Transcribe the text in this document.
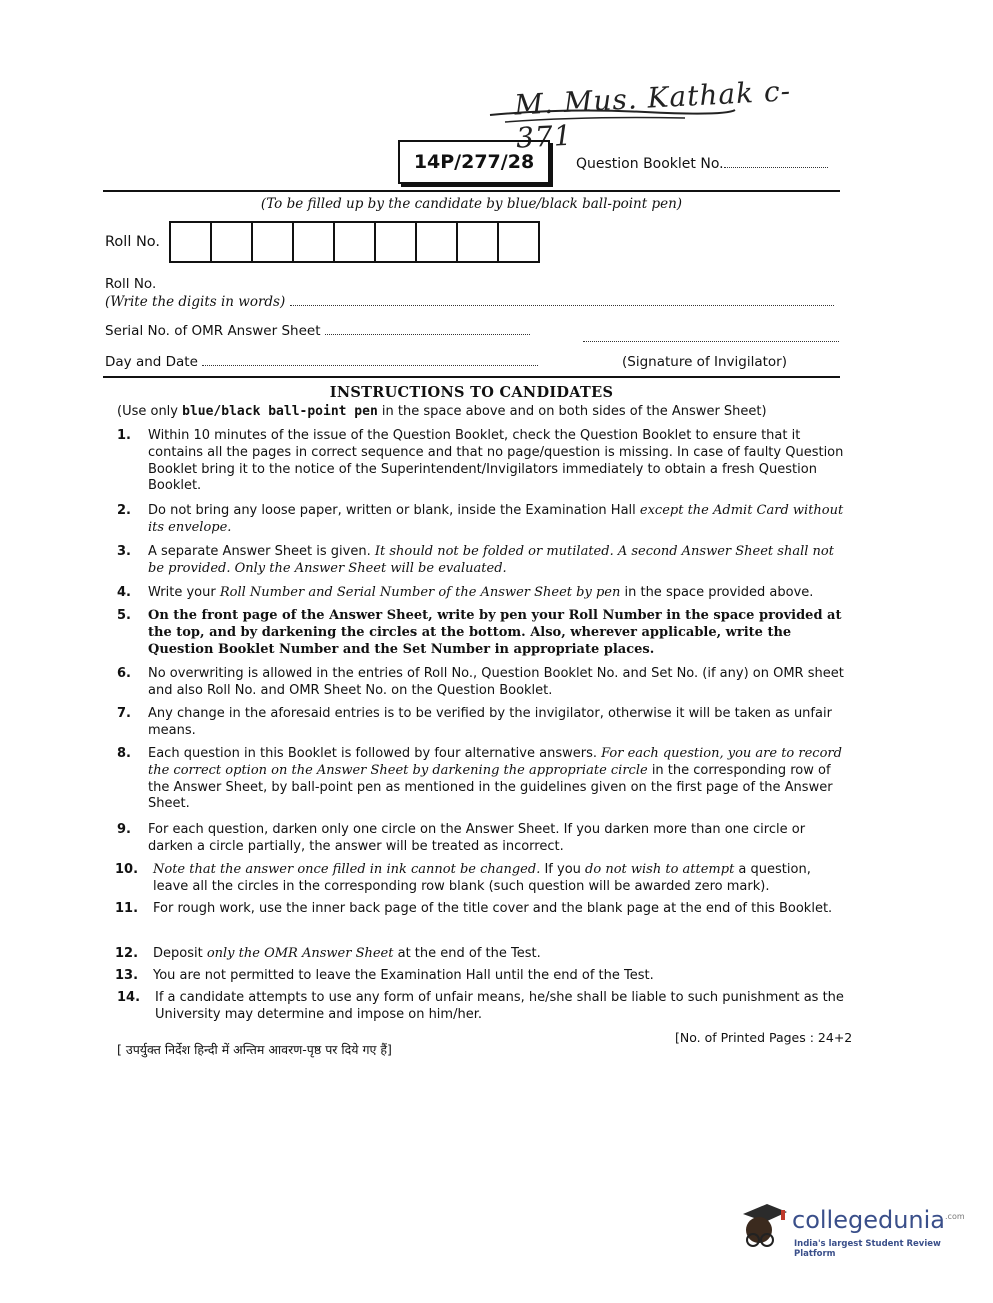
M. Mus. Kathak c-371
14P/277/28	Question Booklet No.
(To be filled up by the candidate by blue/black ball-point pen)
Roll No.
Roll No.
(Write the digits in words)
Serial No. of OMR Answer Sheet
Day and Date	(Signature of Invigilator)
INSTRUCTIONS TO CANDIDATES
(Use only blue/black ball-point pen in the space above and on both sides of the Answer Sheet)
1. Within 10 minutes of the issue of the Question Booklet, check the Question Booklet to ensure that it contains all the pages in correct sequence and that no page/question is missing. In case of faulty Question Booklet bring it to the notice of the Superintendent/Invigilators immediately to obtain a fresh Question Booklet.
2. Do not bring any loose paper, written or blank, inside the Examination Hall except the Admit Card without its envelope.
3. A separate Answer Sheet is given. It should not be folded or mutilated. A second Answer Sheet shall not be provided. Only the Answer Sheet will be evaluated.
4. Write your Roll Number and Serial Number of the Answer Sheet by pen in the space provided above.
5. On the front page of the Answer Sheet, write by pen your Roll Number in the space provided at the top, and by darkening the circles at the bottom. Also, wherever applicable, write the Question Booklet Number and the Set Number in appropriate places.
6. No overwriting is allowed in the entries of Roll No., Question Booklet No. and Set No. (if any) on OMR sheet and also Roll No. and OMR Sheet No. on the Question Booklet.
7. Any change in the aforesaid entries is to be verified by the invigilator, otherwise it will be taken as unfair means.
8. Each question in this Booklet is followed by four alternative answers. For each question, you are to record the correct option on the Answer Sheet by darkening the appropriate circle in the corresponding row of the Answer Sheet, by ball-point pen as mentioned in the guidelines given on the first page of the Answer Sheet.
9. For each question, darken only one circle on the Answer Sheet. If you darken more than one circle or darken a circle partially, the answer will be treated as incorrect.
10. Note that the answer once filled in ink cannot be changed. If you do not wish to attempt a question, leave all the circles in the corresponding row blank (such question will be awarded zero mark).
11. For rough work, use the inner back page of the title cover and the blank page at the end of this Booklet.
12. Deposit only the OMR Answer Sheet at the end of the Test.
13. You are not permitted to leave the Examination Hall until the end of the Test.
14. If a candidate attempts to use any form of unfair means, he/she shall be liable to such punishment as the University may determine and impose on him/her.
[No. of Printed Pages : 24+2
[ उपर्युक्त निर्देश हिन्दी में अन्तिम आवरण-पृष्ठ पर दिये गए हैं]
collegedunia$^{.com}$
India's largest Student Review Platform
